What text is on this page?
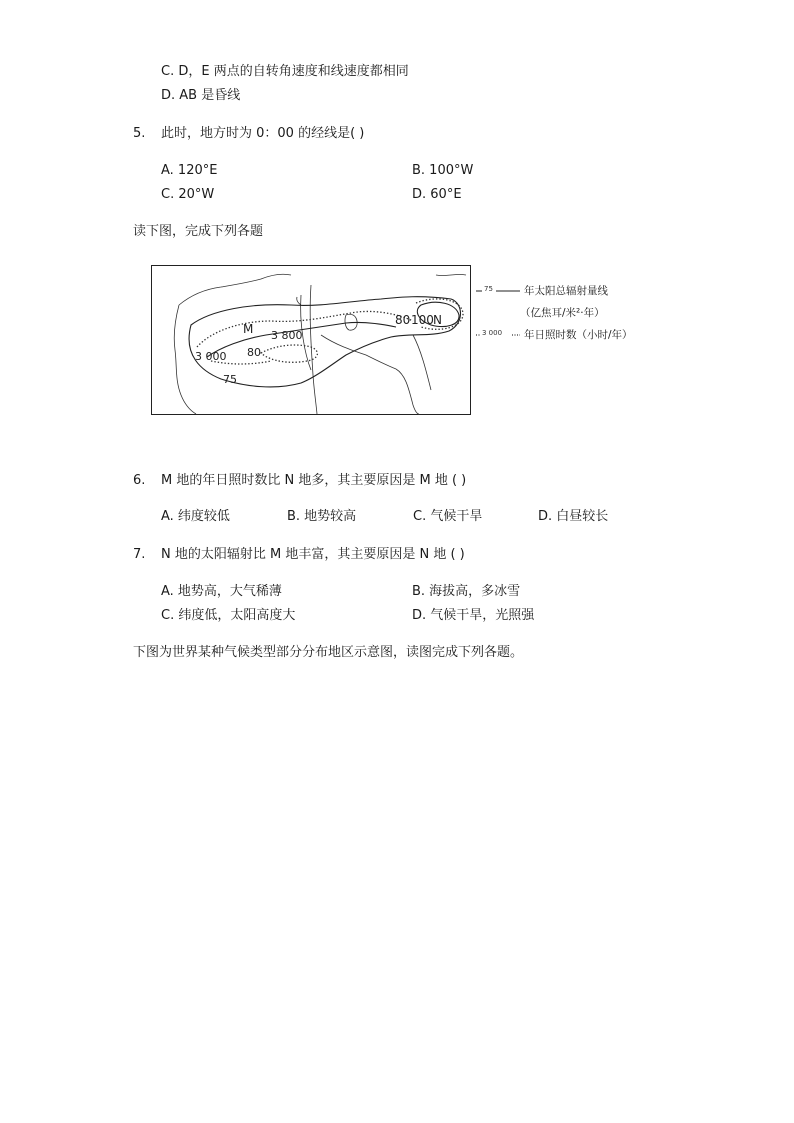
C. D，E 两点的自转角速度和线速度都相同
D. AB 是昏线
5. 此时，地方时为 0：00 的经线是( )
A. 120°E	B. 100°W
C. 20°W	D. 60°E
读下图，完成下列各题
M
N
3 800
3 000 80
75
80 100
75	年太阳总辐射量线
（亿焦耳/米²·年）
3 000 年日照时数（小时/年）
6. M 地的年日照时数比 N 地多，其主要原因是 M 地 ( )
A. 纬度较低	B. 地势较高	C. 气候干旱	D. 白昼较长
7. N 地的太阳辐射比 M 地丰富，其主要原因是 N 地 ( )
A. 地势高，大气稀薄	B. 海拔高，多冰雪
C. 纬度低，太阳高度大	D. 气候干旱，光照强
下图为世界某种气候类型部分分布地区示意图，读图完成下列各题。
